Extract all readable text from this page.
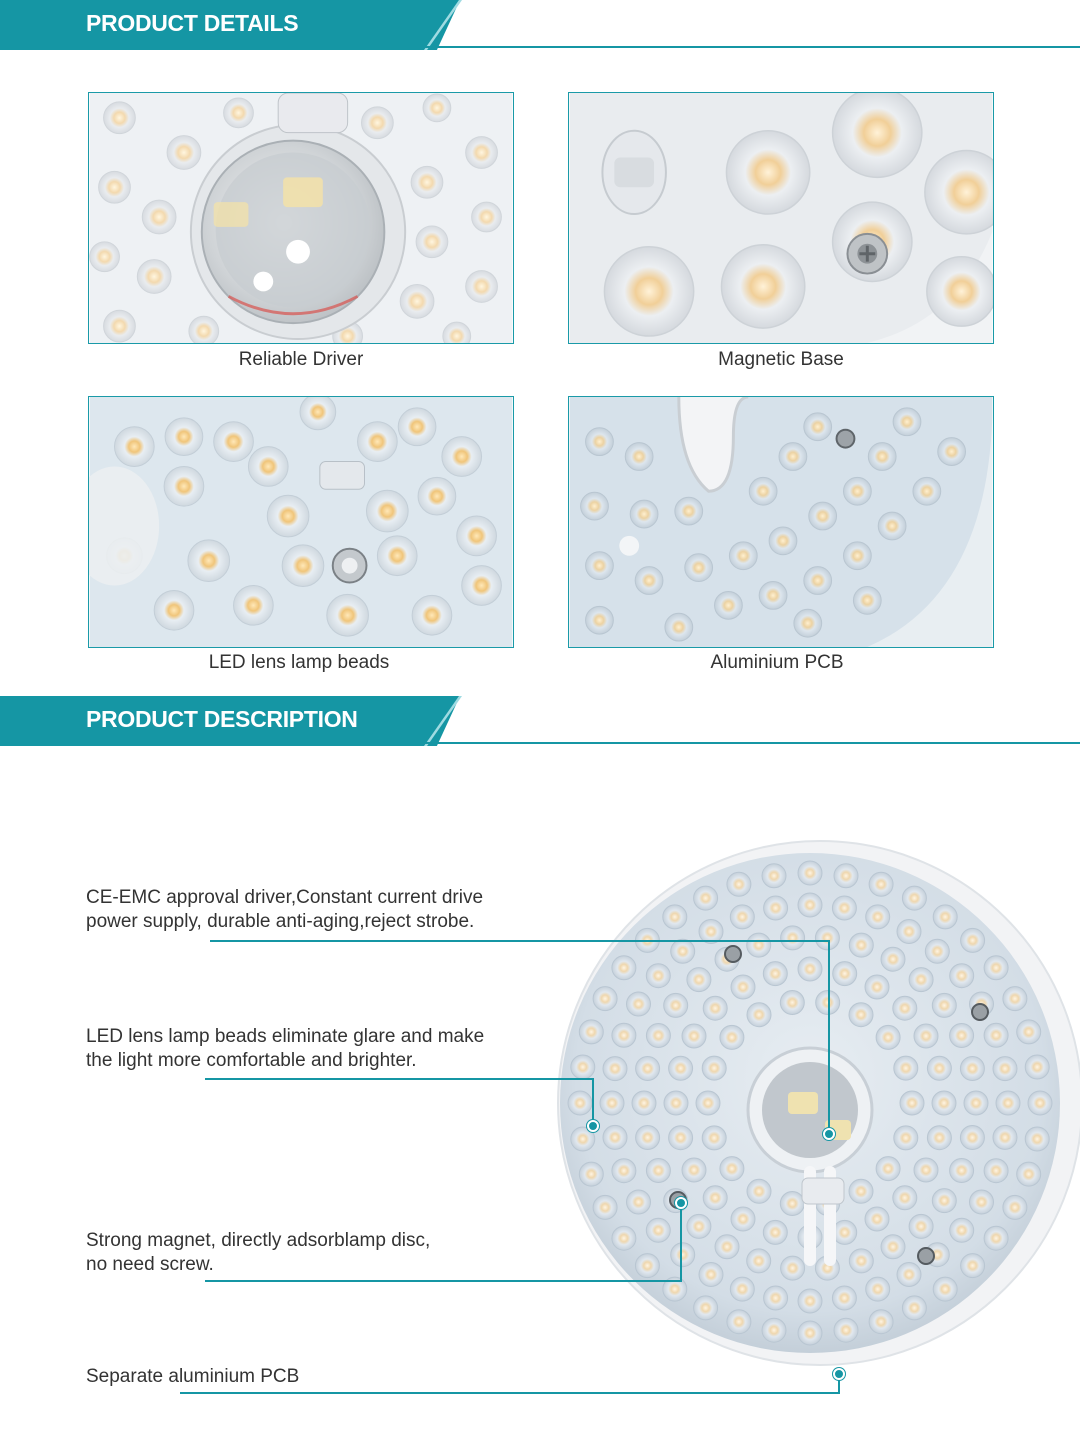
PRODUCT DETAILS
Reliable Driver	Magnetic Base
LED lens lamp beads	Aluminium PCB
PRODUCT DESCRIPTION
CE-EMC approval driver,Constant current drive
power supply, durable anti-aging,reject strobe.
LED lens lamp beads eliminate glare and make
the light more comfortable and brighter.
Strong magnet, directly adsorblamp disc,
no need screw.
Separate aluminium PCB
